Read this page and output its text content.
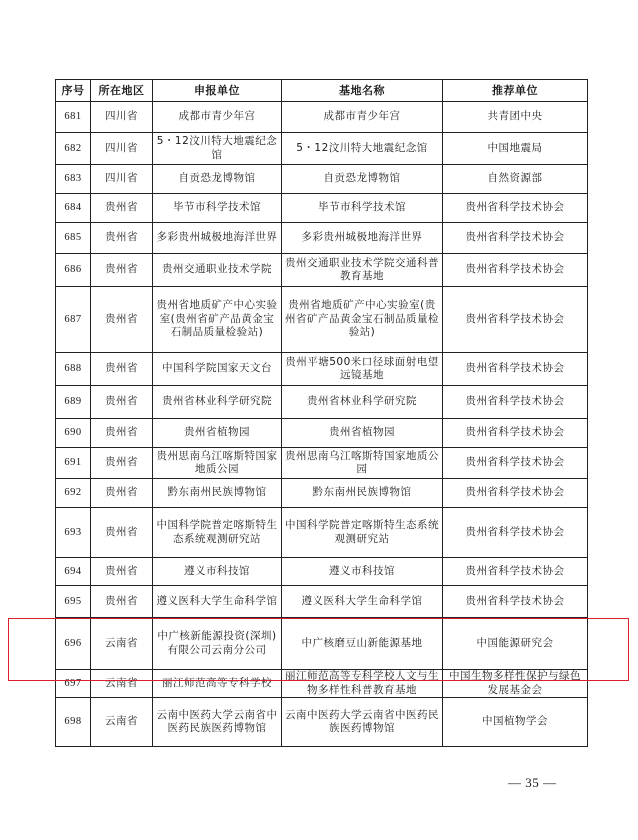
序号	所在地区	申报单位	基地名称	推荐单位
681	四川省	成都市青少年宫	成都市青少年宫	共青团中央
682	四川省	5・12汶川特大地震纪念馆	5・12汶川特大地震纪念馆	中国地震局
683	四川省	自贡恐龙博物馆	自贡恐龙博物馆	自然资源部
684	贵州省	毕节市科学技术馆	毕节市科学技术馆	贵州省科学技术协会
685	贵州省	多彩贵州城极地海洋世界	多彩贵州城极地海洋世界	贵州省科学技术协会
686	贵州省	贵州交通职业技术学院	贵州交通职业技术学院交通科普教育基地	贵州省科学技术协会
687	贵州省	贵州省地质矿产中心实验室(贵州省矿产品黄金宝石制品质量检验站)	贵州省地质矿产中心实验室(贵州省矿产品黄金宝石制品质量检验站)	贵州省科学技术协会
688	贵州省	中国科学院国家天文台	贵州平塘500米口径球面射电望远镜基地	贵州省科学技术协会
689	贵州省	贵州省林业科学研究院	贵州省林业科学研究院	贵州省科学技术协会
690	贵州省	贵州省植物园	贵州省植物园	贵州省科学技术协会
691	贵州省	贵州思南乌江喀斯特国家地质公园	贵州思南乌江喀斯特国家地质公园	贵州省科学技术协会
692	贵州省	黔东南州民族博物馆	黔东南州民族博物馆	贵州省科学技术协会
693	贵州省	中国科学院普定喀斯特生态系统观测研究站	中国科学院普定喀斯特生态系统观测研究站	贵州省科学技术协会
694	贵州省	遵义市科技馆	遵义市科技馆	贵州省科学技术协会
695	贵州省	遵义医科大学生命科学馆	遵义医科大学生命科学馆	贵州省科学技术协会
696	云南省	中广核新能源投资(深圳)有限公司云南分公司	中广核磨豆山新能源基地	中国能源研究会
697	云南省	丽江师范高等专科学校	丽江师范高等专科学校人文与生物多样性科普教育基地	中国生物多样性保护与绿色发展基金会
698	云南省	云南中医药大学云南省中医药民族医药博物馆	云南中医药大学云南省中医药民族医药博物馆	中国植物学会
— 35 —
